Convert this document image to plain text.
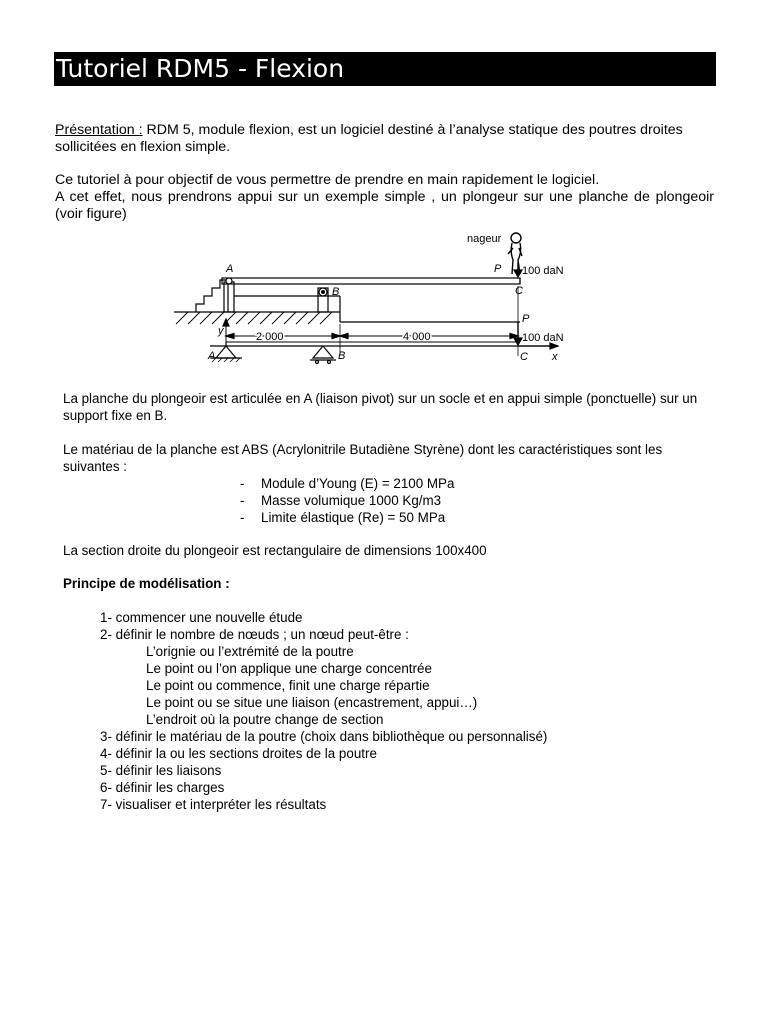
Tutoriel RDM5 - Flexion

Présentation : RDM 5, module flexion, est un logiciel destiné à l’analyse statique des poutres droites sollicitées en flexion simple.

Ce tutoriel à pour objectif de vous permettre de prendre en main rapidement le logiciel.

A cet effet, nous prendrons appui sur un exemple simple , un plongeur sur une planche de plongeoir (voir figure)

nageur
A
B	C
P 100 daN
y	2 000	4 000
P
100 daN
A	B	C x

La planche du plongeoir est articulée en A (liaison pivot) sur un socle et en appui simple (ponctuelle) sur un support fixe en B.

Le matériau de la planche est ABS (Acrylonitrile Butadiène Styrène) dont les caractéristiques sont les suivantes :

- Module d’Young (E) = 2100 MPa
- Masse volumique 1000 Kg/m3
- Limite élastique (Re) = 50 MPa

La section droite du plongeoir est rectangulaire de dimensions 100x400

Principe de modélisation :

1- commencer une nouvelle étude
2- définir le nombre de nœuds ; un nœud peut-être :
L’orignie ou l’extrémité de la poutre
Le point ou l’on applique une charge concentrée
Le point ou commence, finit une charge répartie
Le point ou se situe une liaison (encastrement, appui…)
L’endroit où la poutre change de section
3- définir le matériau de la poutre (choix dans bibliothèque ou personnalisé)
4- définir la ou les sections droites de la poutre
5- définir les liaisons
6- définir les charges
7- visualiser et interpréter les résultats
